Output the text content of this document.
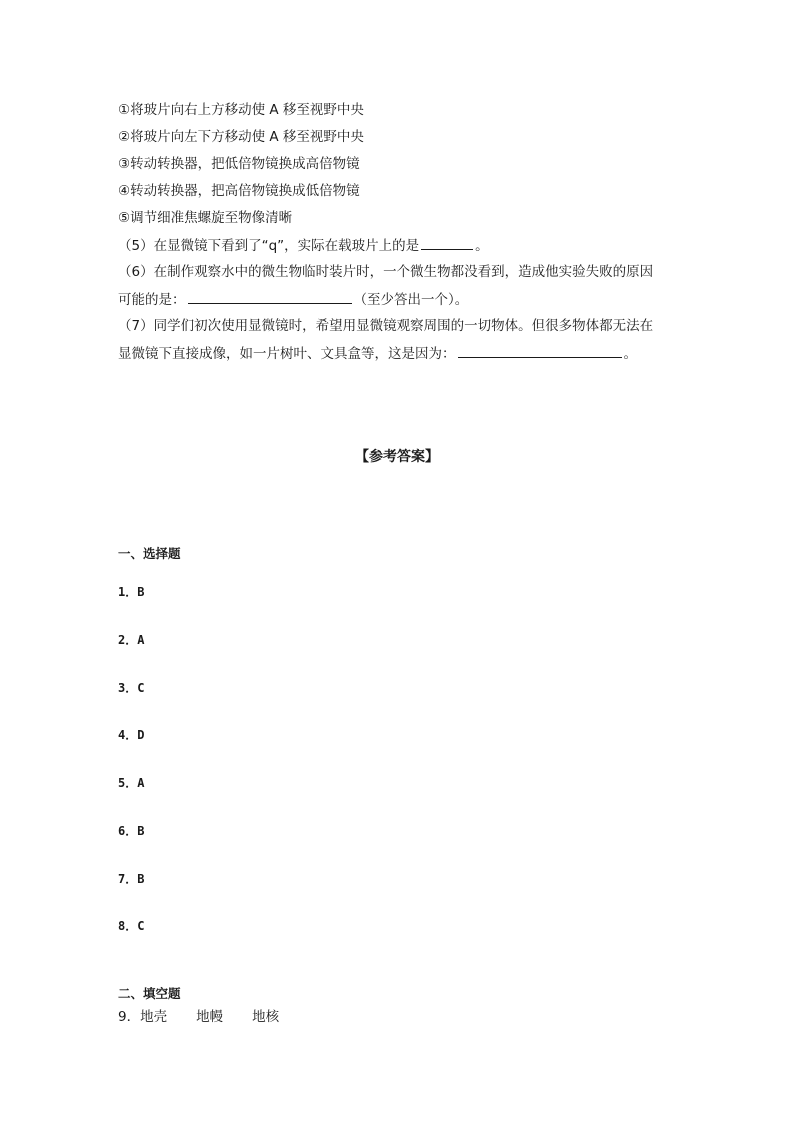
①将玻片向右上方移动使 A 移至视野中央
②将玻片向左下方移动使 A 移至视野中央
③转动转换器，把低倍物镜换成高倍物镜
④转动转换器，把高倍物镜换成低倍物镜
⑤调节细准焦螺旋至物像清晰
（5）在显微镜下看到了“q”，实际在载玻片上的是	。
（6）在制作观察水中的微生物临时装片时，一个微生物都没看到，造成他实验失败的原因
可能的是：	（至少答出一个）。
（7）同学们初次使用显微镜时，希望用显微镜观察周围的一切物体。但很多物体都无法在
显微镜下直接成像，如一片树叶、文具盒等，这是因为：	。
【参考答案】
一、选择题
1．B
2．A
3．C
4．D
5．A
6．B
7．B
8．C
二、填空题
9．地壳 地幔 地核
